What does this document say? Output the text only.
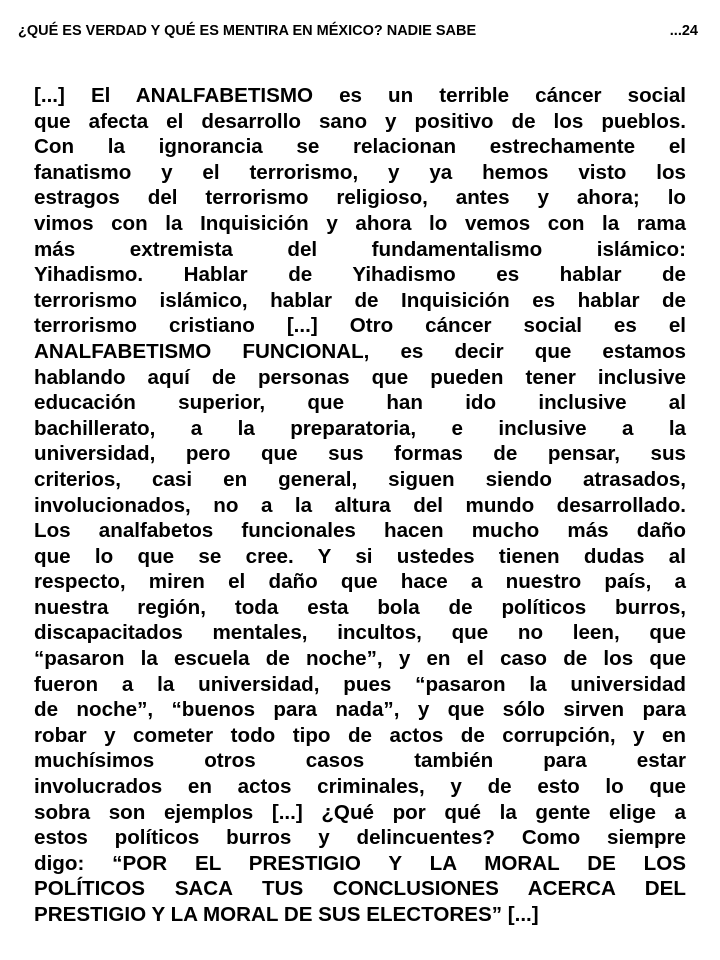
¿QUÉ ES VERDAD Y QUÉ ES MENTIRA EN MÉXICO? NADIE SABE	...24
[...] El ANALFABETISMO es un terrible cáncer social
que afecta el desarrollo sano y positivo de los pueblos.
Con la ignorancia se relacionan estrechamente el
fanatismo y el terrorismo, y ya hemos visto los
estragos del terrorismo religioso, antes y ahora; lo
vimos con la Inquisición y ahora lo vemos con la rama
más extremista del fundamentalismo islámico:
Yihadismo. Hablar de Yihadismo es hablar de
terrorismo islámico, hablar de Inquisición es hablar de
terrorismo cristiano [...] Otro cáncer social es el
ANALFABETISMO FUNCIONAL, es decir que estamos
hablando aquí de personas que pueden tener inclusive
educación superior, que han ido inclusive al
bachillerato, a la preparatoria, e inclusive a la
universidad, pero que sus formas de pensar, sus
criterios, casi en general, siguen siendo atrasados,
involucionados, no a la altura del mundo desarrollado.
Los analfabetos funcionales hacen mucho más daño
que lo que se cree. Y si ustedes tienen dudas al
respecto, miren el daño que hace a nuestro país, a
nuestra región, toda esta bola de políticos burros,
discapacitados mentales, incultos, que no leen, que
“pasaron la escuela de noche”, y en el caso de los que
fueron a la universidad, pues “pasaron la universidad
de noche”, “buenos para nada”, y que sólo sirven para
robar y cometer todo tipo de actos de corrupción, y en
muchísimos otros casos también para estar
involucrados en actos criminales, y de esto lo que
sobra son ejemplos [...] ¿Qué por qué la gente elige a
estos políticos burros y delincuentes? Como siempre
digo: “POR EL PRESTIGIO Y LA MORAL DE LOS
POLÍTICOS SACA TUS CONCLUSIONES ACERCA DEL
PRESTIGIO Y LA MORAL DE SUS ELECTORES” [...]
